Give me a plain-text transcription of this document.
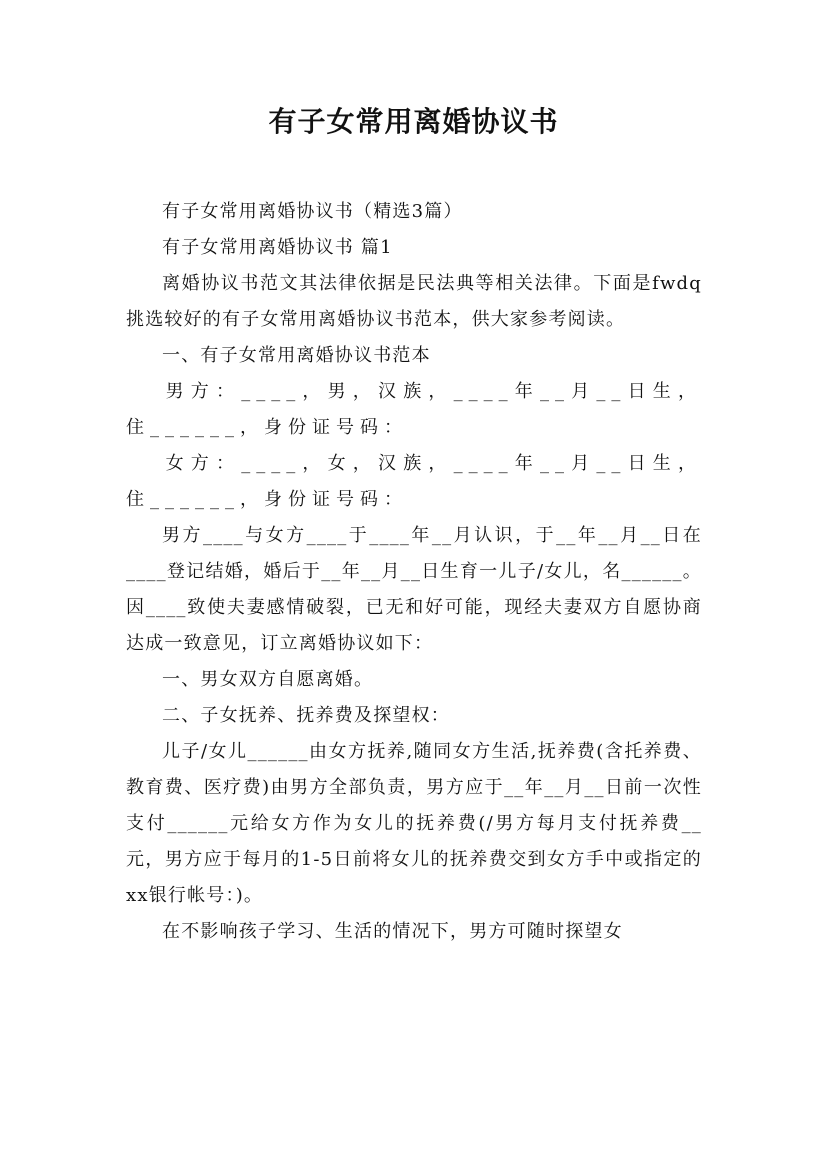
有子女常用离婚协议书

有子女常用离婚协议书（精选3篇）

有子女常用离婚协议书 篇1

离婚协议书范文其法律依据是民法典等相关法律。下面是fwdq挑选较好的有子女常用离婚协议书范本，供大家参考阅读。

一、有子女常用离婚协议书范本

男方：____，男，汉族，____年__月__日生，住______，身份证号码：

女方：____，女，汉族，____年__月__日生，住______，身份证号码：

男方____与女方____于____年__月认识，于__年__月__日在____登记结婚，婚后于__年__月__日生育一儿子/女儿，名______。因____致使夫妻感情破裂，已无和好可能，现经夫妻双方自愿协商达成一致意见，订立离婚协议如下：

一、男女双方自愿离婚。

二、子女抚养、抚养费及探望权：

儿子/女儿______由女方抚养,随同女方生活,抚养费(含托养费、教育费、医疗费)由男方全部负责，男方应于__年__月__日前一次性支付______元给女方作为女儿的抚养费(/男方每月支付抚养费__元，男方应于每月的1-5日前将女儿的抚养费交到女方手中或指定的xx银行帐号：)。

在不影响孩子学习、生活的情况下，男方可随时探望女
